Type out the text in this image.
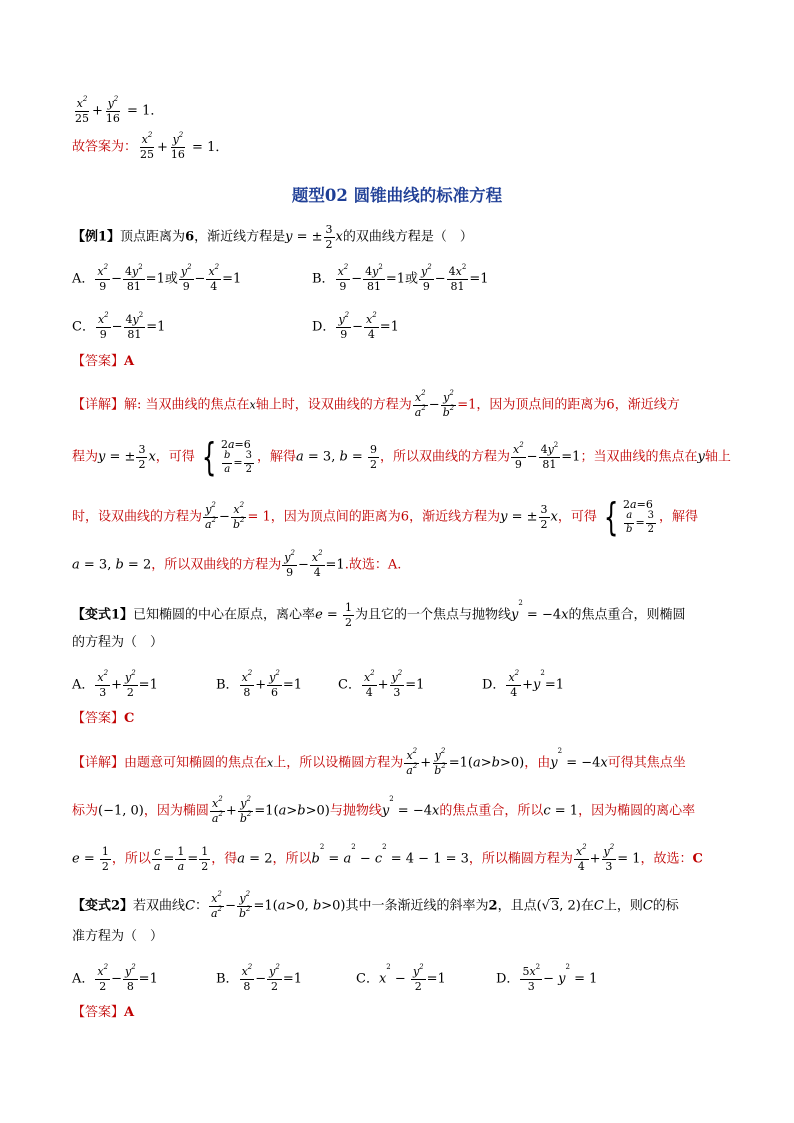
$\frac{x^2}{25} + \frac{y^2}{16} = 1$．
故答案为： $\frac{x^2}{25} + \frac{y^2}{16} = 1$．
题型02 圆锥曲线的标准方程
【例1】顶点距离为6，渐近线方程是y = ± $\frac{3}{2}$ x的双曲线方程是（　）
A． $\frac{x^2}{9} - \frac{4y^2}{81} =1$或 $\frac{y^2}{9} - \frac{x^2}{4} =1$	B． $\frac{x^2}{9} - \frac{4y^2}{81} =1$或 $\frac{y^2}{9} - \frac{4x^2}{81} =1$
C． $\frac{x^2}{9} - \frac{4y^2}{81} =1$	D． $\frac{y^2}{9} - \frac{x^2}{4} =1$
【答案】A
【详解】解: 当双曲线的焦点在x轴上时，设双曲线的方程为 $\frac{x^2}{a^2} - \frac{y^2}{b^2} =1$，因为顶点间的距离为6，渐近线方
程为y = ± $\frac{3}{2}$ x，可得 { 2a=6
$\frac{b}{a} = \frac{3}{2}$ ，解得a = 3, $b = \frac{9}{2}$ ，所以双曲线的方程为 $\frac{x^2}{9} - \frac{4y^2}{81} =1$；当双曲线的焦点在y轴上
时，设双曲线的方程为 $\frac{y^2}{a^2} - \frac{x^2}{b^2} = 1$，因为顶点间的距离为6，渐近线方程为y = ± $\frac{3}{2}$ x，可得 { 2a=6
$\frac{a}{b} = \frac{3}{2}$ ，解得
a = 3, b = 2，所以双曲线的方程为 $\frac{y^2}{9} - \frac{x^2}{4} =1$.故选：A.
【变式1】已知椭圆的中心在原点，离心率$e = \frac{1}{2}$ 为且它的一个焦点与抛物线$y^2 = -4x$的焦点重合，则椭圆
的方程为（　）
A． $\frac{x^2}{3} + \frac{y^2}{2} =1$	B． $\frac{x^2}{8} + \frac{y^2}{6} =1$	C． $\frac{x^2}{4} + \frac{y^2}{3} =1$	D． $\frac{x^2}{4} +y^2=1$
【答案】C
【详解】由题意可知椭圆的焦点在x上，所以设椭圆方程为 $\frac{x^2}{a^2} + \frac{y^2}{b^2} =1(a>b>0)$，由$y^2 = -4x$可得其焦点坐
标为(−1, 0)，因为椭圆 $\frac{x^2}{a^2} + \frac{y^2}{b^2} =1(a>b>0)$与抛物线$y^2 = -4x$的焦点重合，所以c = 1，因为椭圆的离心率
$e = \frac{1}{2}$ ，所以 $\frac{c}{a} = \frac{1}{a} = \frac{1}{2}$ ，得a = 2，所以$b^2 = a^2 - c^2 = 4 - 1 = 3$，所以椭圆方程为 $\frac{x^2}{4} + \frac{y^2}{3} = 1$，故选：C
【变式2】若双曲线C： $\frac{x^2}{a^2} - \frac{y^2}{b^2} =1(a>0$, b>0)其中一条渐近线的斜率为2，且点(√3, 2)在C上，则C的标
准方程为（　）
A． $\frac{x^2}{2} - \frac{y^2}{8} =1$	B． $\frac{x^2}{8} - \frac{y^2}{2} =1$	C．$x^2 - \frac{y^2}{2} =1$	D． $\frac{5x^2}{3} - y^2 = 1$
【答案】A
